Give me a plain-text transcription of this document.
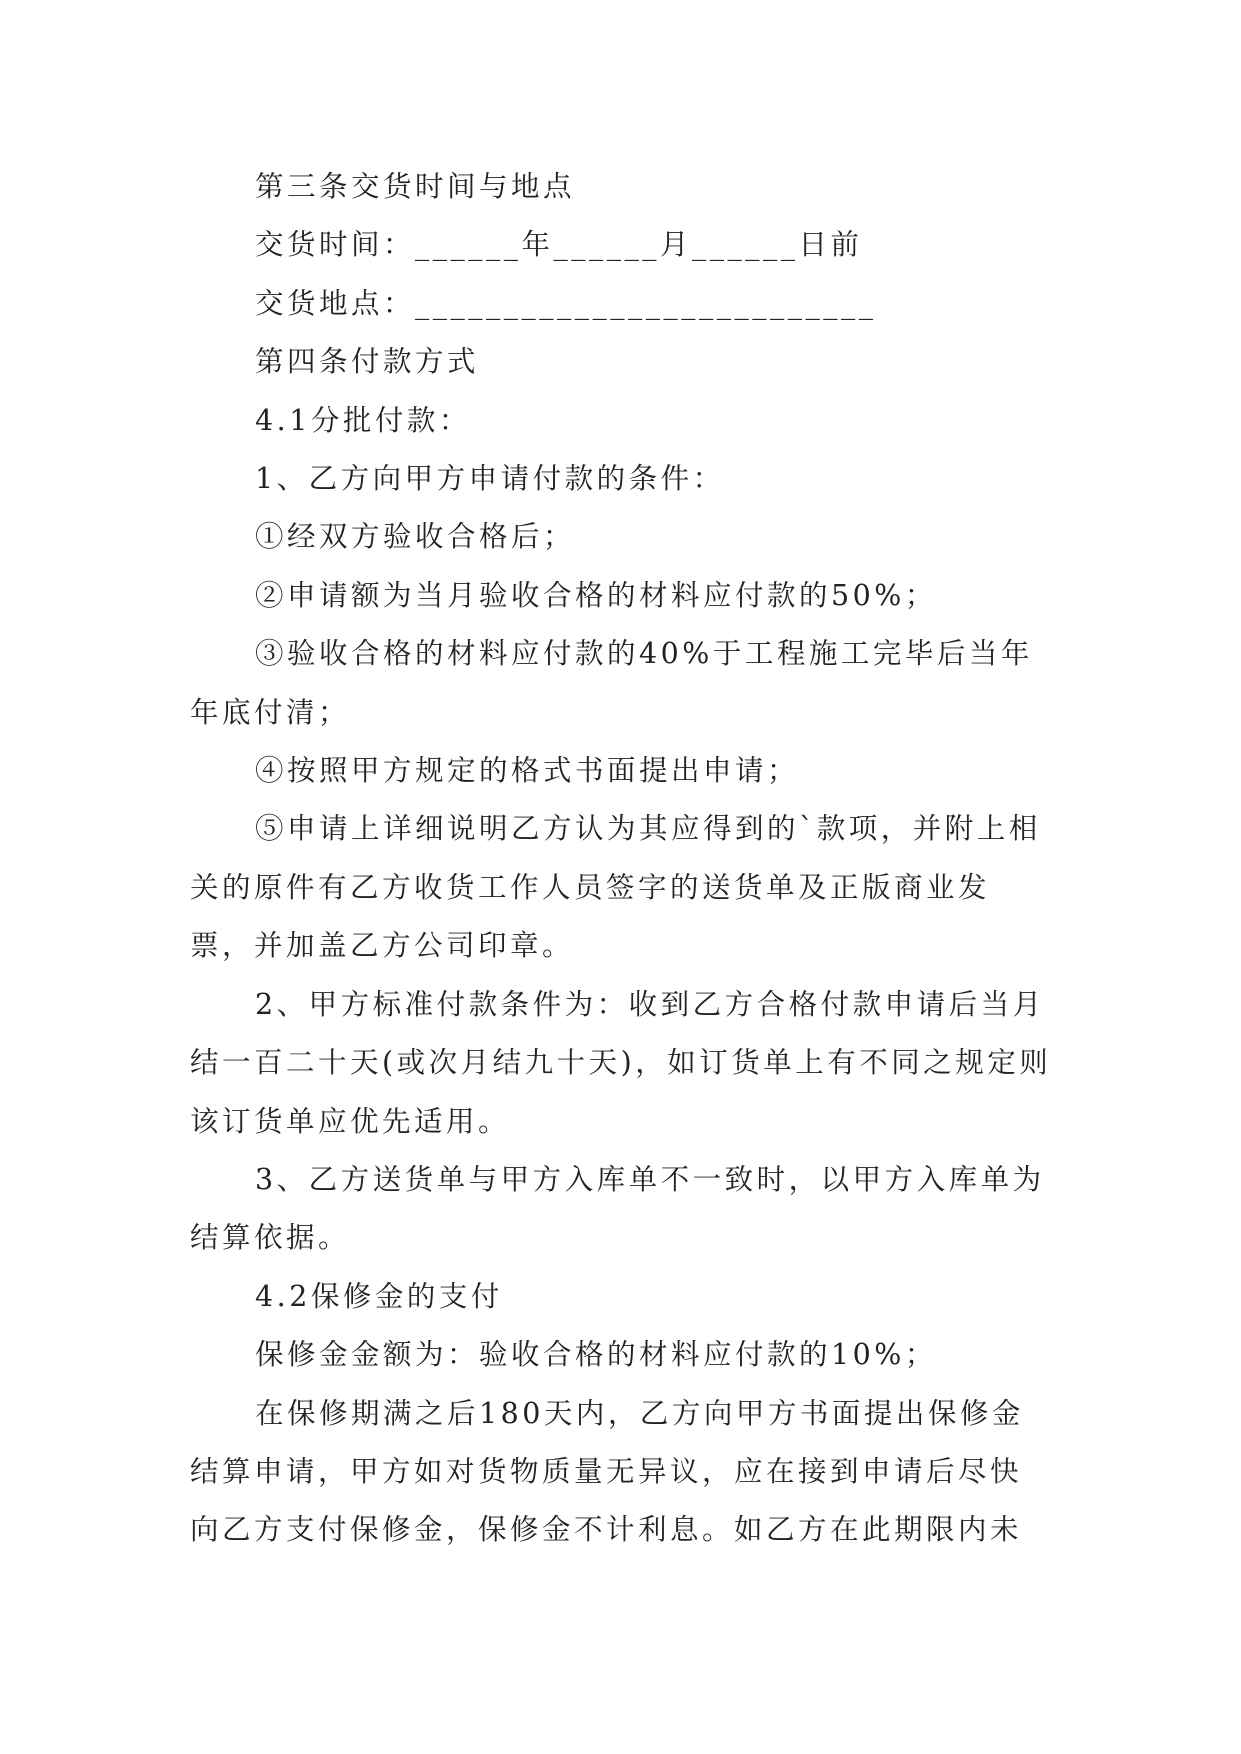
第三条交货时间与地点

交货时间：______年______月______日前

交货地点：__________________________

第四条付款方式

4.1分批付款：

1、乙方向甲方申请付款的条件：

①经双方验收合格后；

②申请额为当月验收合格的材料应付款的50%；

③验收合格的材料应付款的40%于工程施工完毕后当年年底付清；

④按照甲方规定的格式书面提出申请；

⑤申请上详细说明乙方认为其应得到的`款项，并附上相关的原件有乙方收货工作人员签字的送货单及正版商业发票，并加盖乙方公司印章。

2、甲方标准付款条件为：收到乙方合格付款申请后当月结一百二十天(或次月结九十天)，如订货单上有不同之规定则该订货单应优先适用。

3、乙方送货单与甲方入库单不一致时，以甲方入库单为结算依据。

4.2保修金的支付

保修金金额为：验收合格的材料应付款的10%；

在保修期满之后180天内，乙方向甲方书面提出保修金结算申请，甲方如对货物质量无异议，应在接到申请后尽快向乙方支付保修金，保修金不计利息。如乙方在此期限内未
